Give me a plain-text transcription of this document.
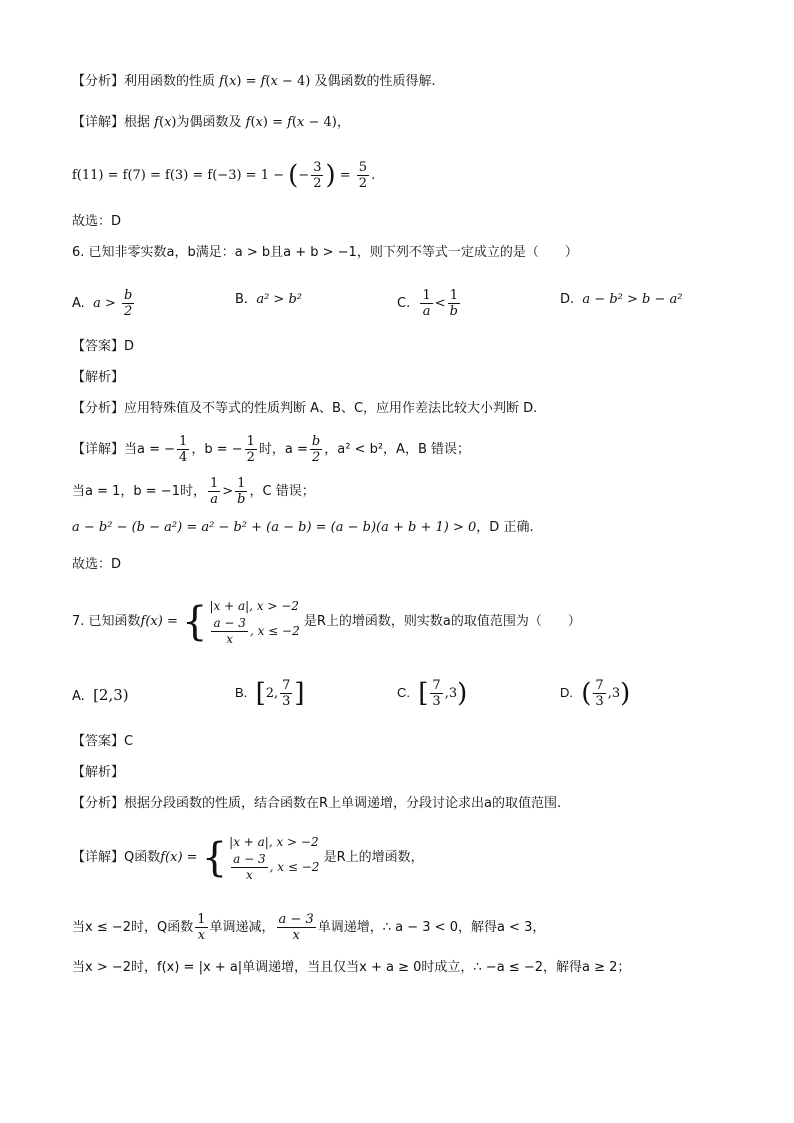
【分析】利用函数的性质 f(x) = f(x − 4) 及偶函数的性质得解.
【详解】根据 f(x)为偶函数及 f(x) = f(x − 4)，
f(11) = f(7) = f(3) = f(−3) = 1 − (− $\frac{3}{2}$ ) = $\frac{5}{2}$ .
故选：D
6. 已知非零实数a，b满足：a > b且a + b > −1，则下列不等式一定成立的是（　　）
A. $a > \frac{b}{2}$	B. a² > b²	C. $\frac{1}{a} < \frac{1}{b}$	D. a − b² > b − a²
【答案】D
【解析】
【分析】应用特殊值及不等式的性质判断 A、B、C，应用作差法比较大小判断 D.
【详解】当a = − $\frac{1}{4}$ ，b = − $\frac{1}{2}$ 时，$a = \frac{b}{2}$ ，a² < b²，A，B 错误；
当a = 1，b = −1时， $\frac{1}{a} > \frac{1}{b}$ ，C 错误；
a − b² − (b − a²) = a² − b² + (a − b) = (a − b)(a + b + 1) > 0，D 正确.
故选：D
7. 已知函数f(x) = { |x + a|, x > −2
$\frac{a - 3}{x}$ , x ≤ −2
是R上的增函数，则实数a的取值范围为（　　）
A. [2,3)	B. [2, $\frac{7}{3}$ ]	C. [ $\frac{7}{3} ,3$)	D. ( $\frac{7}{3} ,3$)
【答案】C
【解析】
【分析】根据分段函数的性质，结合函数在R上单调递增，分段讨论求出a的取值范围.
【详解】Q函数f(x) = { |x + a|, x > −2
$\frac{a - 3}{x}$ , x ≤ −2
是R上的增函数，
当x ≤ −2时，Q函数 $\frac{1}{x}$ 单调递减， $\frac{a - 3}{x}$ 单调递增，∴ a − 3 < 0，解得a < 3，
当x > −2时，f(x) = |x + a|单调递增，当且仅当x + a ≥ 0时成立，∴ −a ≤ −2，解得a ≥ 2；
